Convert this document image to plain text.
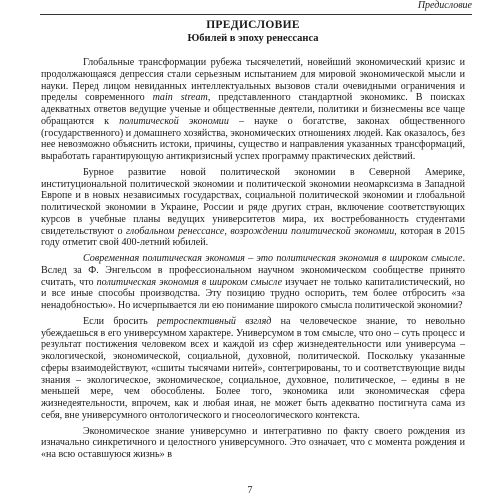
Предисловие
ПРЕДИСЛОВИЕ
Юбилей в эпоху ренессанса

Глобальные трансформации рубежа тысячелетий, новейший экономический кризис и продолжающаяся депрессия стали серьезным испытанием для мировой экономической мысли и науки. Перед лицом невиданных интеллектуальных вызовов стали очевидными ограничения и пределы современного main stream, представленного стандартной экономикс. В поисках адекватных ответов ведущие ученые и общественные деятели, политики и бизнесмены все чаще обращаются к политической экономии – науке о богатстве, законах общественного (государственного) и домашнего хозяйства, экономических отношениях людей. Как оказалось, без нее невозможно объяснить истоки, причины, существо и направления указанных трансформаций, выработать гарантирующую антикризисный успех программу практических действий.

Бурное развитие новой политической экономии в Северной Америке, институциональной политической экономии и политической экономии неомарксизма в Западной Европе и в новых независимых государствах, социальной политической экономии и глобальной политической экономии в Украине, России и ряде других стран, включение соответствующих курсов в учебные планы ведущих университетов мира, их востребованность студентами свидетельствуют о глобальном ренессансе, возрождении политической экономии, которая в 2015 году отметит свой 400-летний юбилей.

Современная политическая экономия – это политическая экономия в широком смысле. Вслед за Ф. Энгельсом в профессиональном научном экономическом сообществе принято считать, что политическая экономия в широком смысле изучает не только капиталистический, но и все иные способы производства. Эту позицию трудно оспорить, тем более отбросить «за ненадобностью». Но исчерпывается ли ею понимание широкого смысла политической экономии?

Если бросить ретроспективный взгляд на человеческое знание, то невольно убеждаешься в его универсумном характере. Универсумом в том смысле, что оно – суть процесс и результат постижения человеком всех и каждой из сфер жизнедеятельности или универсума – экологической, экономической, социальной, духовной, политической. Поскольку указанные сферы взаимодействуют, «сшиты тысячами нитей», сонтегрированы, то и соответствующие виды знания – экологическое, экономическое, социальное, духовное, политическое, – едины в не меньшей мере, чем обособлены. Более того, экономика или экономическая сфера жизнедеятельности, впрочем, как и любая иная, не может быть адекватно постигнута сама из себя, вне универсумного онтологического и гносеологического контекста.

Экономическое знание универсумно и интегративно по факту своего рождения из изначально синкретичного и целостного универсумного. Это означает, что с момента рождения и «на всю оставшуюся жизнь» в

7
